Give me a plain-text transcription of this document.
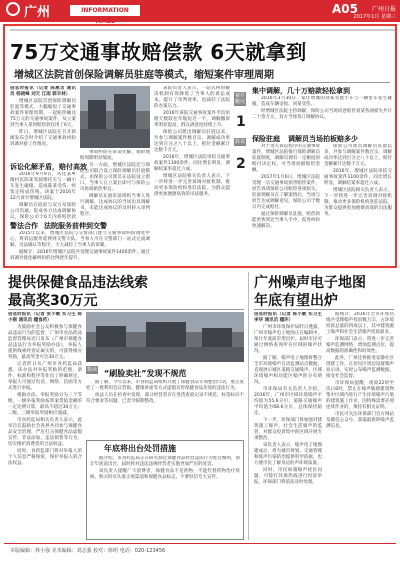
广州	INFORMATION TIMES
A05 广州日报
2017年1月 星期三
75万交通事故赔偿款 6天就拿到
增城区法院首创保险调解员驻庭等模式，缩短案件审理周期

信息时报讯（记者 陈惠贞 通讯员 杨晓峰 刘天 江雨 郭丰林）

增城区法院首创保险调解员驻庭等模式，大幅缩短了交通事故案件审理周期，一起赔偿额达75万元的交通事故案件，从立案到当事人拿到赔偿款仅用了6天。

昨日，增城区法院在召开新闻发布会时介绍了交通事故纠纷诉调对接工作情况。

诉讼化解矛盾，赔付高效

2016年9月9日，从化某乡镇村民陈某驾驶摩托车与一辆小车发生碰撞，造成陈某受伤，经鉴定构成伤残。该案于2016年12月诉至增城区法院。

调解员在庭前与双方及保险公司沟通，促成各方达成调解协议，保险公司于6天内将赔偿款

事故纠纷在诉前化解，保险理赔周期明显缩短。

另一方面，增城区法院还与保险公司联合设立保险调解员驻庭模式，由保险公司派员在法院设立窗口，当事人在立案后即可与保险公司协商赔偿事宜。

调解员在庭审前组织当事人进行调解，达成协议的当场出具调解书，未能达成协议的及时转入审判程序。

警法合作 法院服务前伸到交警

2015年以来，增城区法院与交警部门建立交通事故纠纷调处中心，将诉讼服务延伸到交警大队。当事人可在交警部门一站式完成调解、司法确认等程序，大大减轻了当事人的诉累。

据统计，2016年增城区法院共受理交通事故案件1400余件，通过诉调对接化解纠纷的比例逐年提升。

该院负责人表示，一站式纠纷解决机制有效降低了当事人的诉讼成本，提升了审判效率，也减轻了法院的办案压力。

2016年该院交通事故案件平均审理天数较往年缩短近一半，调解撤诉率明显提高，群众满意度持续上升。

保险公司派出调解员驻庭以来，共参与调解案件数百宗，调解成功率达到百分之八十以上，赔付金额累计达数千万元。

2016年，增城区法院审结交通事故案件1100余件，同比增长明显，调解结案率超过六成。

增城区法院相关负责人表示，下一步将进一步完善诉调对接机制，推动更多保险机构进驻法院，为群众提供更加便捷高效的司法服务。

案件概况
1
数说
2
集中调解，几十万赔款轻松拿到

2016年3月30日，家住增城的刘某驾驶小车与一辆货车发生碰撞，造成车辆受损、刘某受伤。

经增城区法院主持调解，保险公司当场同意赔偿刘某各项损失共计二十余万元，双方当场签订调解协议。

保险驻庭 调解员当场拍板赔多少

对于进入诉讼程序的交通事故案件，增城区法院推行保险调解员驻庭制度，调解员拥有一定额度的赔付决定权，可当场拍板赔偿金额。

2017年1月6日，增城区法院受理一宗交通事故损害赔偿案件，原告诉请保险公司赔偿各项损失。驻庭调解员在了解案情后，当场与原告达成调解意见，保险公司于数日内完成赔付。

通过保险调解员驻庭，赔偿款能更快到达当事人手中，促进纠纷快速解决。

保险公司派出调解员驻庭以来，共参与调解案件数百宗，调解成功率达到百分之八十以上，赔付金额累计达数千万元。

2016年，增城区法院审结交通事故案件1100余件，同比增长明显，调解结案率超过六成。

增城区法院相关负责人表示，下一步将进一步完善诉调对接机制，推动更多保险机构进驻法院，为群众提供更加便捷高效的司法服务。

提供保健食品违法线索
最高奖30万元

信息时报讯（记者 张小敏 实习生 陈小丽 通讯员 穗食药）

为鼓励社会公众积极参与保健食品违法行为的监督，广州市食品药品监督管理局近日发布《广州市保健食品违法行为举报奖励办法》，举报人提供线索经查证属实的，可获得相应奖励，最高奖金可达30万元。

记者昨日从广州市食药监局获悉，该办法对举报奖励的范围、条件、标准和程序等作出了明确规定。举报人可通过电话、网络、信函等方式进行举报。

根据办法，举报奖励分为三个等级，一级举报奖励按涉案货值金额的一定比例计算，最高不超过30万元；二级、三级举报奖励相应递减。

市食药监局相关负责人表示，此举旨在鼓励社会各界共同参与保健食品安全治理，严厉打击保健食品虚假宣传、非法添加、违法销售等行为，切实维护消费者的合法权益。

同时，食药监部门将对举报人的个人信息严格保密，保护举报人的合法权益。

数读 “刷脸卖社”发现不规范

据了解，今年以来，市食药监局组织开展了保健食品专项整治行动，重点查处了一批利用会议营销、健康讲座等方式虚假宣传保健食品功效的违法行为。

执法人员在检查中发现，部分经营者存在进货查验记录不规范、标签标识不符合要求等问题，已责令限期整改。

年底将出台处罚措施

据介绍，市食药监局正在研究制定保健食品经营违法行为处罚细则，预计年底前出台，届时将对违法违规经营者实施更加严厉的处罚。

该负责人提醒广大消费者，保健食品不是药物，不能代替药物治疗疾病，购买时应认准正规渠道和保健食品标志，不要轻信夸大宣传。

广州噪声电子地图
年底有望出炉

信息时报讯（记者 陈小敏 实习生 李华 通讯员 穗环）

广州市环境保护局昨日透露，广州市噪声电子地图正在编制中，预计年底前有望出炉。届时市民可通过网络查询所在区域的噪声状况。

据了解，噪声电子地图将整合全市环境噪声自动监测站点数据，直观展示城区道路交通噪声、区域环境噪声和功能区噪声的分布情况。

市环保局有关负责人介绍，2016年，广州市区域环境噪声平均值为55.6分贝，道路交通噪声平均值为68.6分贝，总体保持稳定。

下一步，环保部门将加强对建筑施工噪声、社会生活噪声的监管，对群众投诉集中的区域开展专项整治。

该负责人表示，噪声电子地图建成后，将为城市规划、交通管理和噪声污染防治提供科学依据，也方便市民了解身边的声环境质量。

同时，市民如遇噪声扰民问题，可拨打环保热线进行投诉举报，环保部门将依法及时处理。

据统计，2016年全市环保热线共受理噪声投诉数万宗，占环境投诉总量的四成以上，其中建筑施工噪声和社会生活噪声投诉最多。

环保部门表示，将进一步完善噪声监测网络，增加监测点位，提高数据的准确性和时效性。

此外，广州还将推进安静社区创建工作，在居民区周边设置噪声显示屏，实时公布噪声监测数据，接受社会监督。

市环保局提醒，夜间22时至次日6时，禁止在噪声敏感建筑物集中区域内进行产生环境噪声污染的建筑施工作业，因特殊需要必须连续作业的，须持有相关证明。

市民可关注环保部门官方网站及微信公众号，获取最新的噪声监测信息。

本版编辑：林小强 美术编辑：刘志强 校对：陈明 电话：020-123456
